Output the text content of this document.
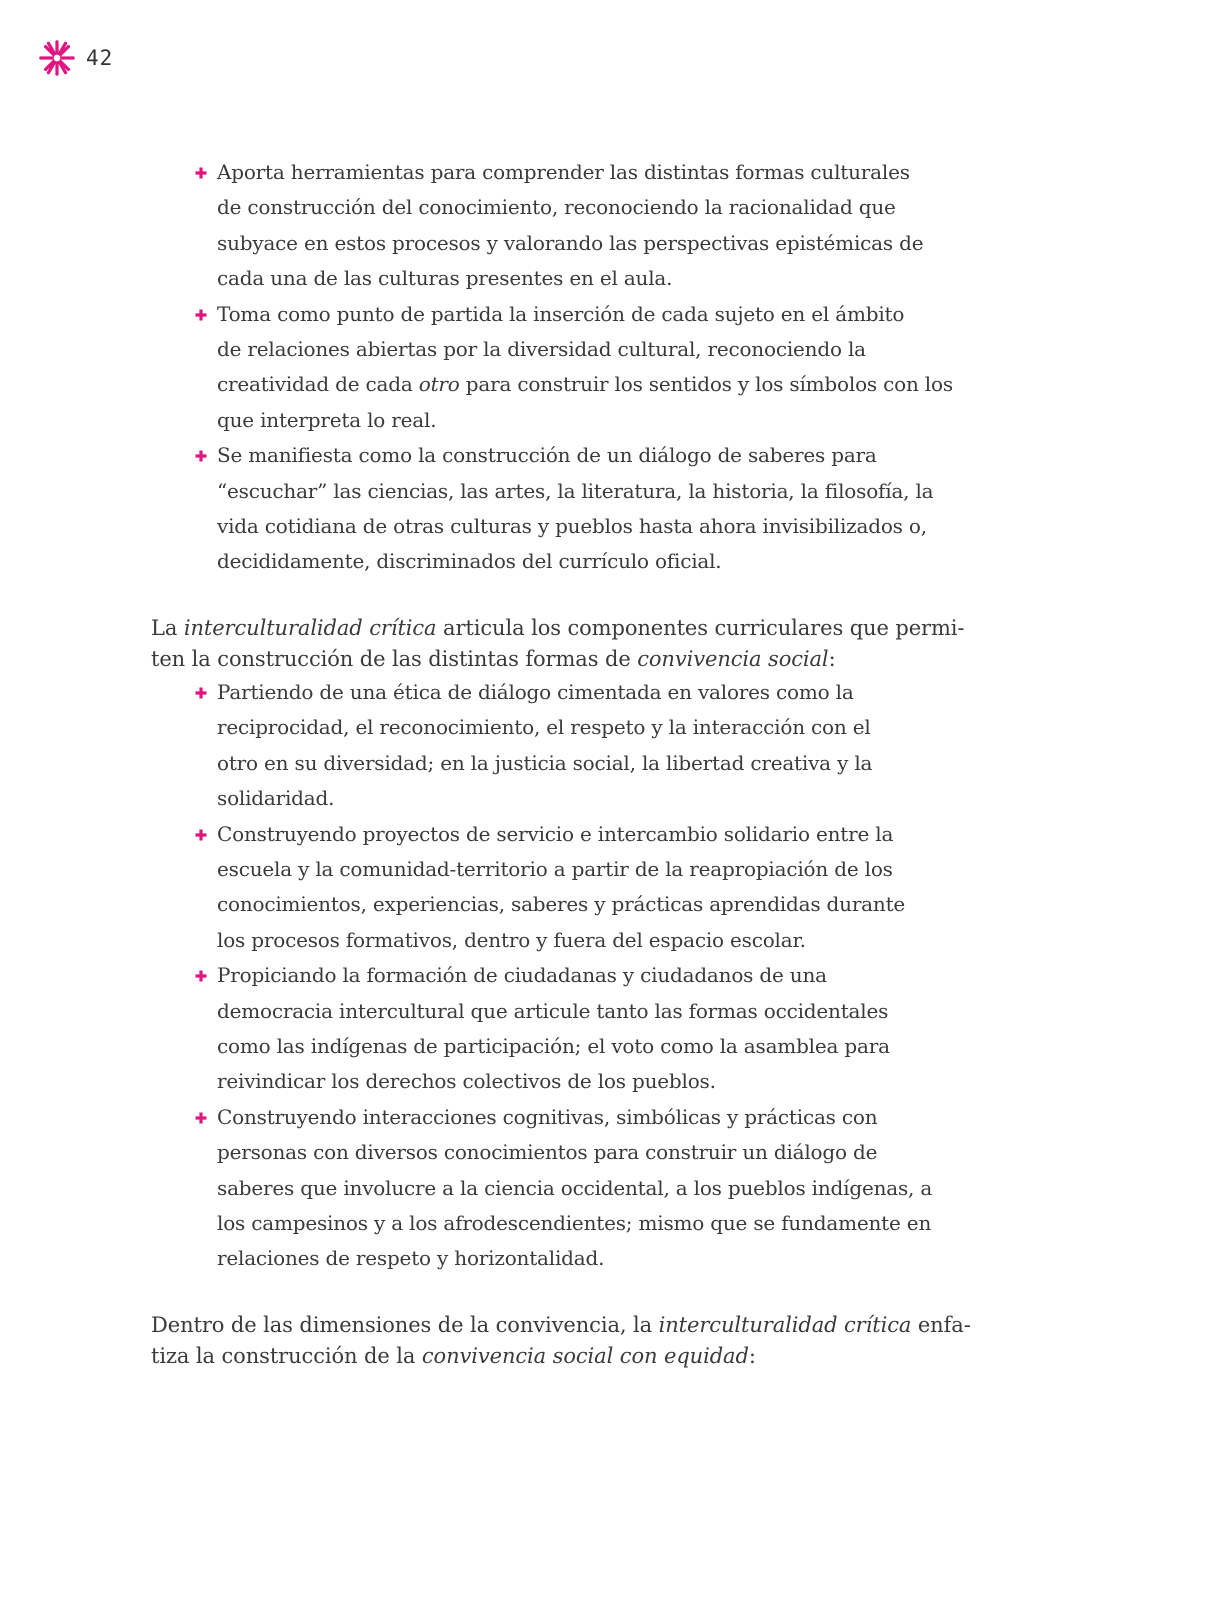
42
Aporta herramientas para comprender las distintas formas culturales
de construcción del conocimiento, reconociendo la racionalidad que
subyace en estos procesos y valorando las perspectivas epistémicas de
cada una de las culturas presentes en el aula.
Toma como punto de partida la inserción de cada sujeto en el ámbito
de relaciones abiertas por la diversidad cultural, reconociendo la
creatividad de cada otro para construir los sentidos y los símbolos con los
que interpreta lo real.
Se manifiesta como la construcción de un diálogo de saberes para
“escuchar” las ciencias, las artes, la literatura, la historia, la filosofía, la
vida cotidiana de otras culturas y pueblos hasta ahora invisibilizados o,
decididamente, discriminados del currículo oficial.

La interculturalidad crítica articula los componentes curriculares que permi-
ten la construcción de las distintas formas de convivencia social:

Partiendo de una ética de diálogo cimentada en valores como la
reciprocidad, el reconocimiento, el respeto y la interacción con el
otro en su diversidad; en la justicia social, la libertad creativa y la
solidaridad.
Construyendo proyectos de servicio e intercambio solidario entre la
escuela y la comunidad-territorio a partir de la reapropiación de los
conocimientos, experiencias, saberes y prácticas aprendidas durante
los procesos formativos, dentro y fuera del espacio escolar.
Propiciando la formación de ciudadanas y ciudadanos de una
democracia intercultural que articule tanto las formas occidentales
como las indígenas de participación; el voto como la asamblea para
reivindicar los derechos colectivos de los pueblos.
Construyendo interacciones cognitivas, simbólicas y prácticas con
personas con diversos conocimientos para construir un diálogo de
saberes que involucre a la ciencia occidental, a los pueblos indígenas, a
los campesinos y a los afrodescendientes; mismo que se fundamente en
relaciones de respeto y horizontalidad.

Dentro de las dimensiones de la convivencia, la interculturalidad crítica enfa-
tiza la construcción de la convivencia social con equidad:
